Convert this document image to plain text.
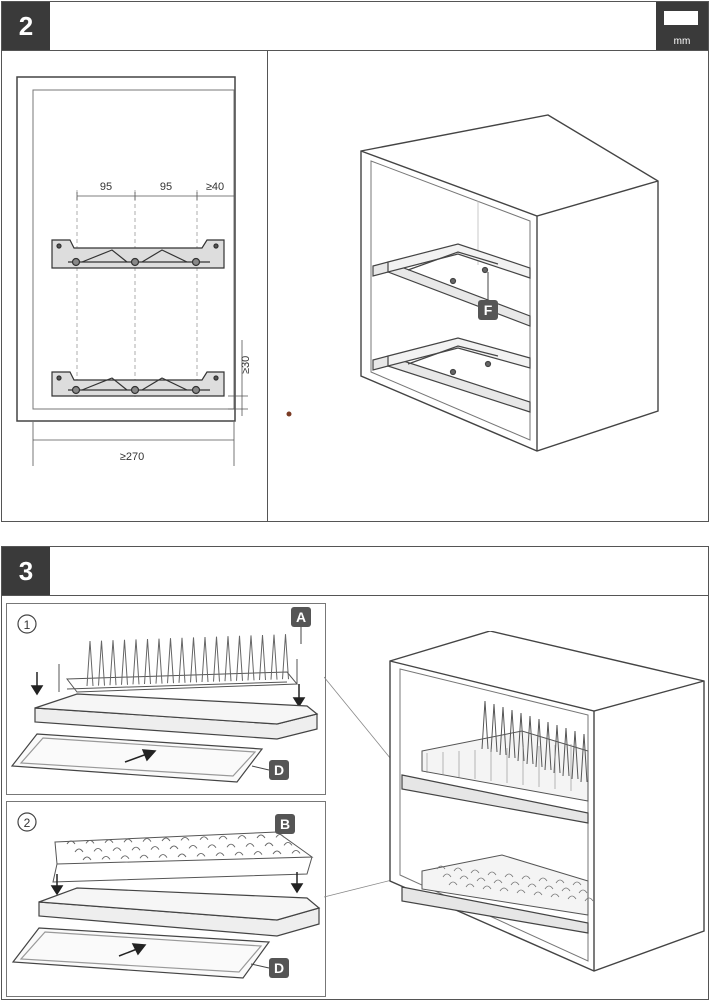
2
mm
95	95	≥40
≥30
≥270
F
3
1	A
D
2	B
D
